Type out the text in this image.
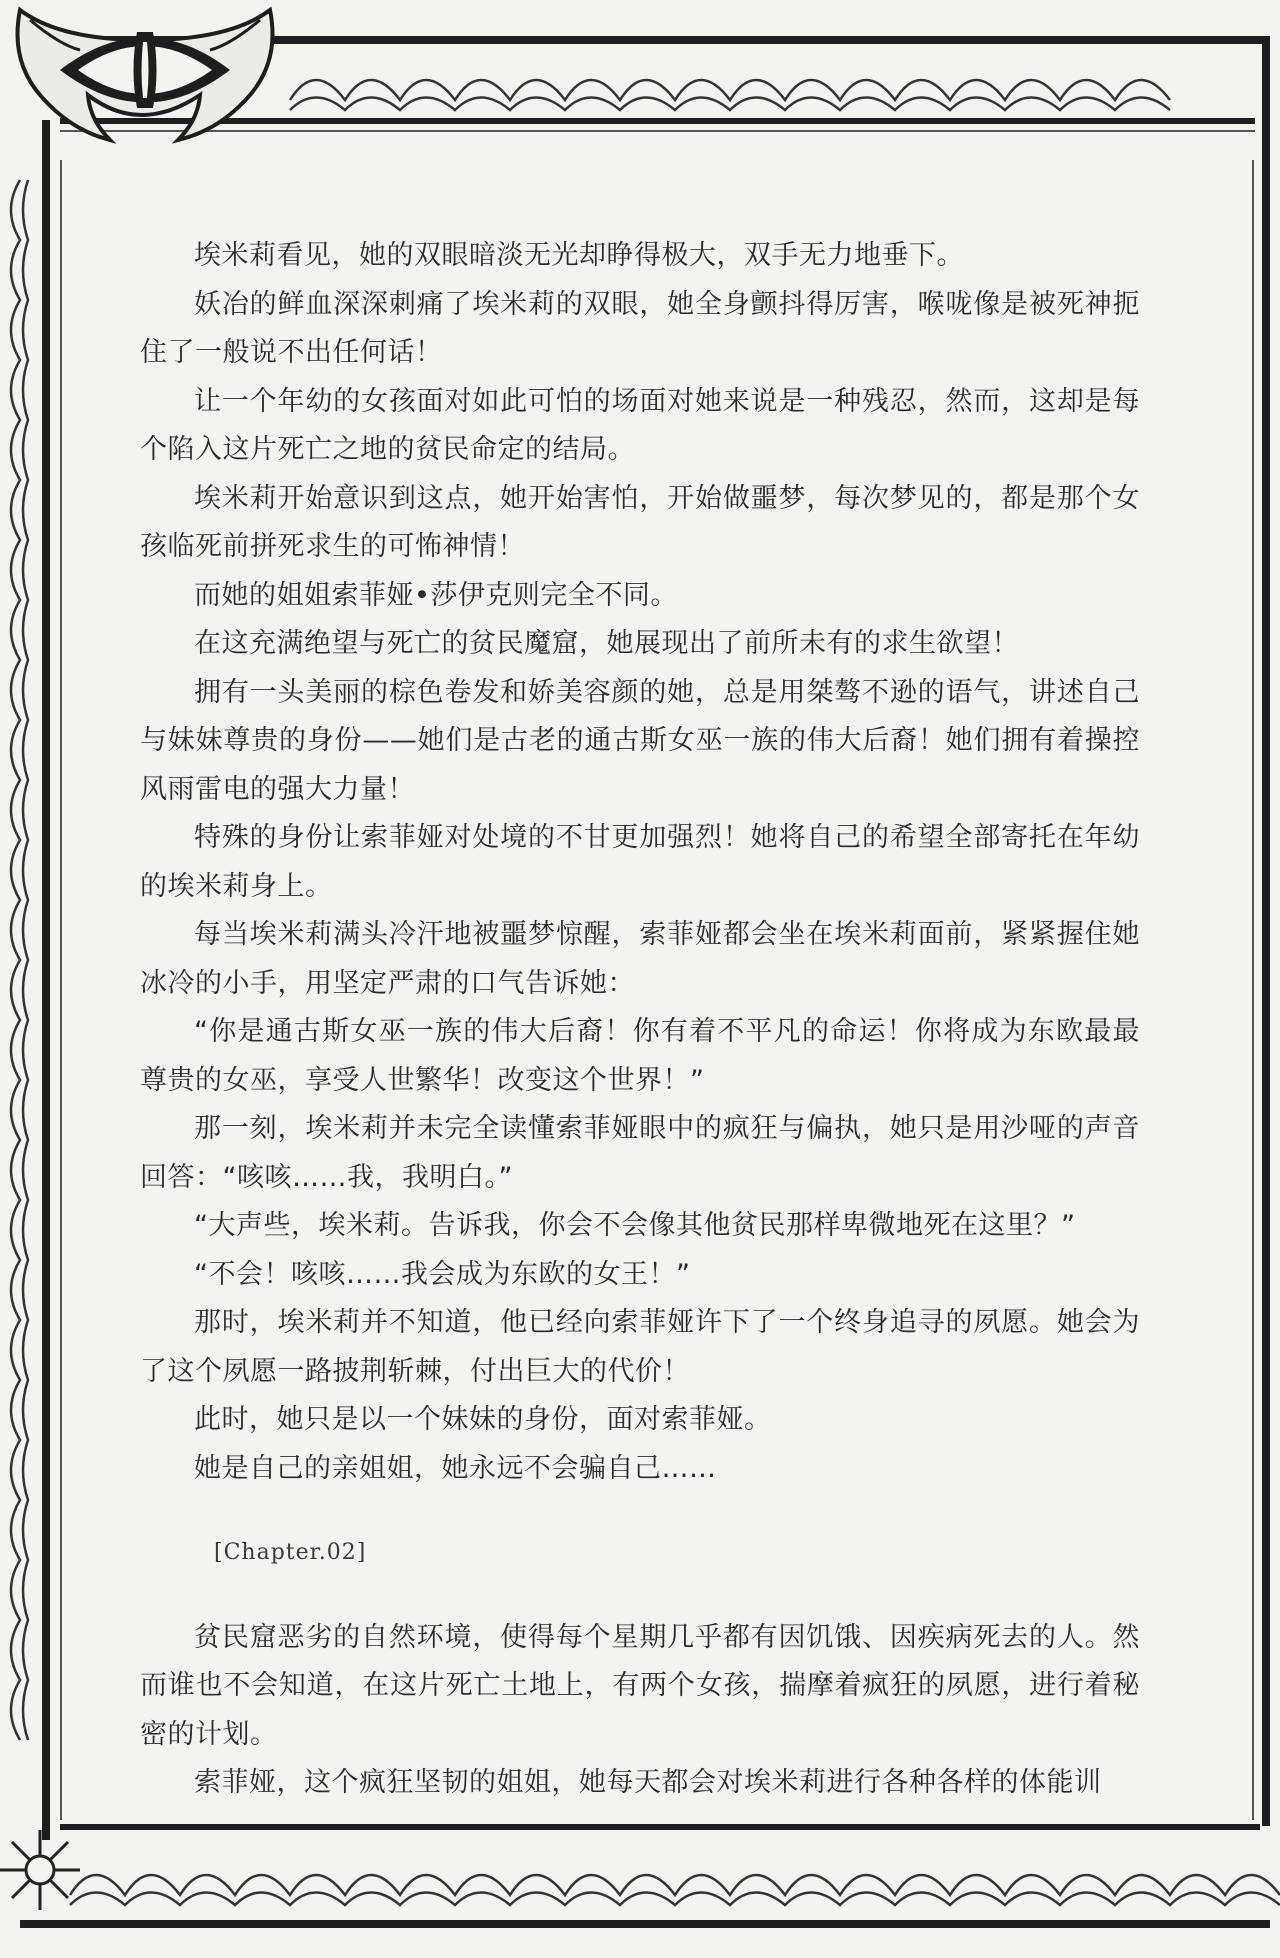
埃米莉看见，她的双眼暗淡无光却睁得极大，双手无力地垂下。

妖冶的鲜血深深刺痛了埃米莉的双眼，她全身颤抖得厉害，喉咙像是被死神扼住了一般说不出任何话！

让一个年幼的女孩面对如此可怕的场面对她来说是一种残忍，然而，这却是每个陷入这片死亡之地的贫民命定的结局。

埃米莉开始意识到这点，她开始害怕，开始做噩梦，每次梦见的，都是那个女孩临死前拼死求生的可怖神情！

而她的姐姐索菲娅•莎伊克则完全不同。

在这充满绝望与死亡的贫民魔窟，她展现出了前所未有的求生欲望！

拥有一头美丽的棕色卷发和娇美容颜的她，总是用桀骜不逊的语气，讲述自己与妹妹尊贵的身份——她们是古老的通古斯女巫一族的伟大后裔！她们拥有着操控风雨雷电的强大力量！

特殊的身份让索菲娅对处境的不甘更加强烈！她将自己的希望全部寄托在年幼的埃米莉身上。

每当埃米莉满头冷汗地被噩梦惊醒，索菲娅都会坐在埃米莉面前，紧紧握住她冰冷的小手，用坚定严肃的口气告诉她：

“你是通古斯女巫一族的伟大后裔！你有着不平凡的命运！你将成为东欧最最尊贵的女巫，享受人世繁华！改变这个世界！”

那一刻，埃米莉并未完全读懂索菲娅眼中的疯狂与偏执，她只是用沙哑的声音回答：“咳咳……我，我明白。”

“大声些，埃米莉。告诉我，你会不会像其他贫民那样卑微地死在这里？”

“不会！咳咳……我会成为东欧的女王！”

那时，埃米莉并不知道，他已经向索菲娅许下了一个终身追寻的夙愿。她会为了这个夙愿一路披荆斩棘，付出巨大的代价！

此时，她只是以一个妹妹的身份，面对索菲娅。

她是自己的亲姐姐，她永远不会骗自己……

[Chapter.02]

贫民窟恶劣的自然环境，使得每个星期几乎都有因饥饿、因疾病死去的人。然而谁也不会知道，在这片死亡土地上，有两个女孩，揣摩着疯狂的夙愿，进行着秘密的计划。

索菲娅，这个疯狂坚韧的姐姐，她每天都会对埃米莉进行各种各样的体能训
